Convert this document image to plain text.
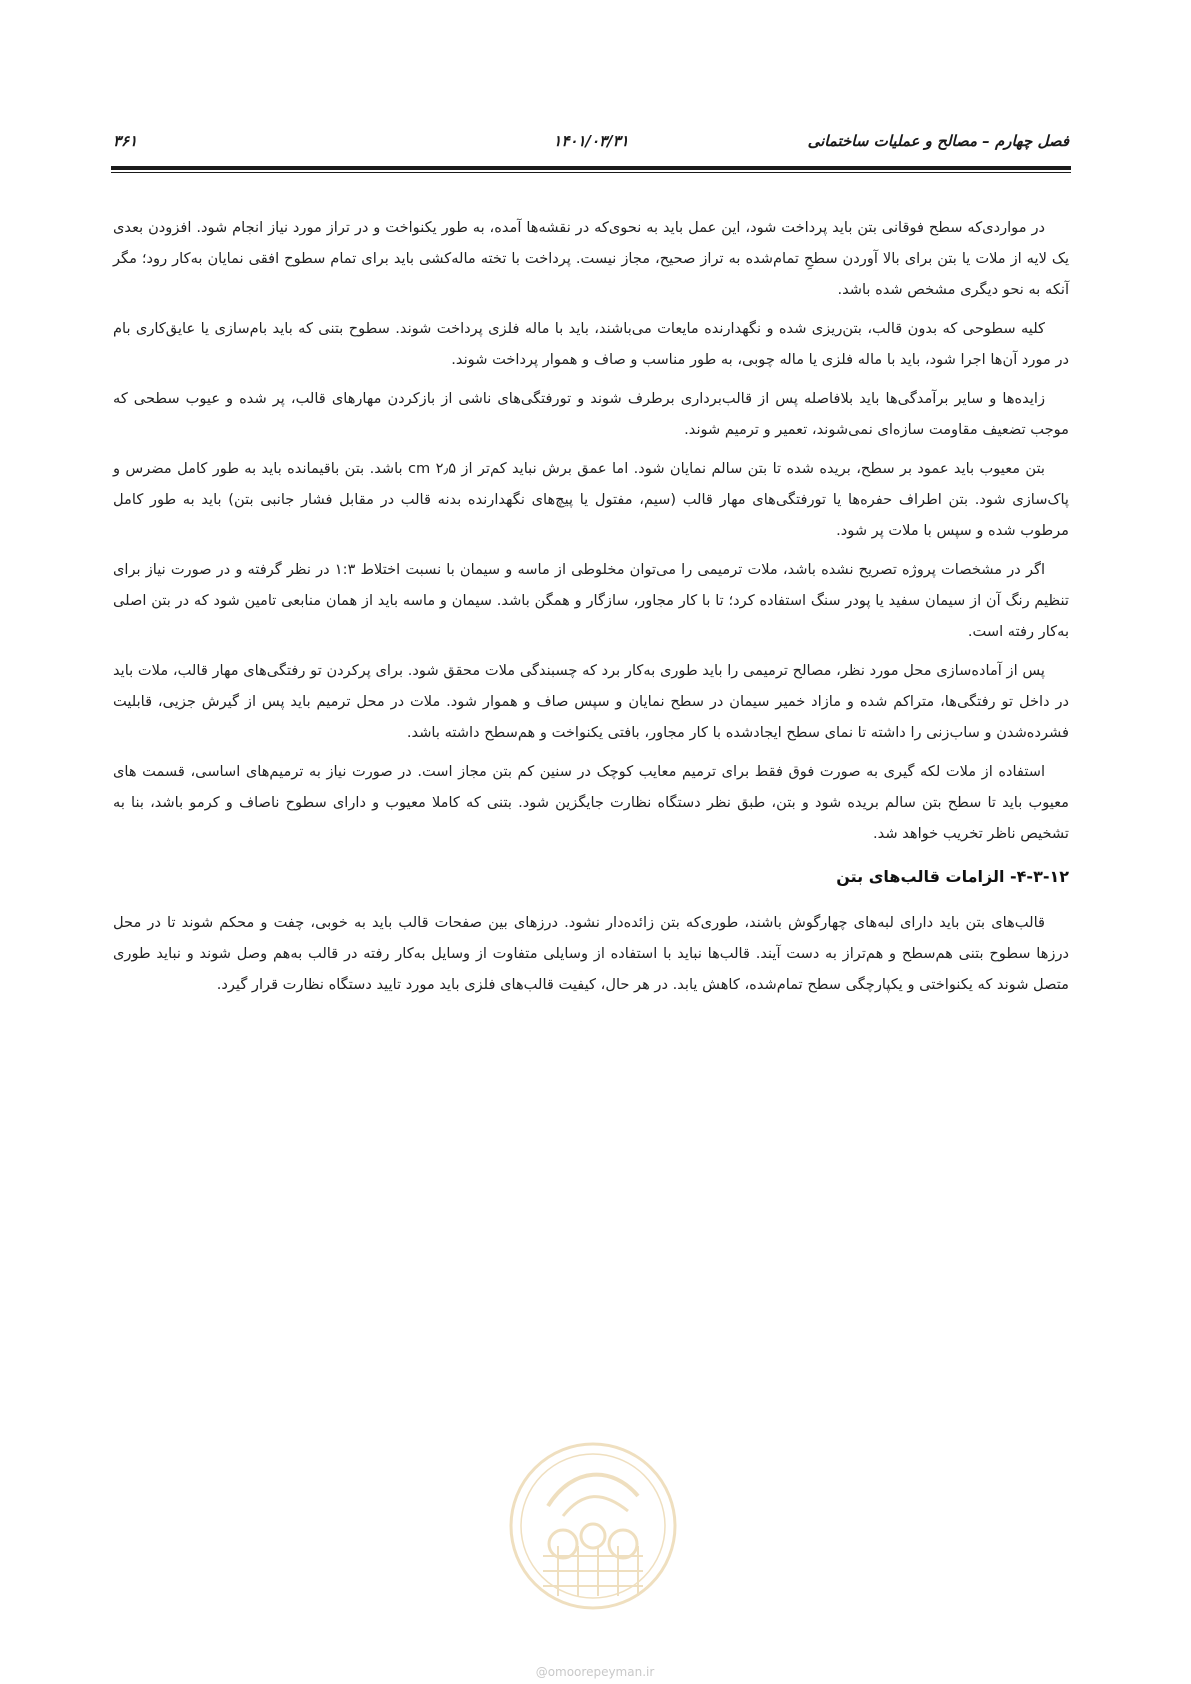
فصل چهارم – مصالح و عملیات ساختمانی
۱۴۰۱/۰۳/۳۱
۳۶۱

در مواردی‌که سطح فوقانی بتن باید پرداخت شود، این عمل باید به نحوی‌که در نقشه‌ها آمده، به طور یکنواخت و در تراز مورد نیاز انجام شود. افزودن بعدی یک لایه از ملات یا بتن برای بالا آوردن سطحِ تمام‌شده به تراز صحیح، مجاز نیست. پرداخت با تخته ماله‌کشی باید برای تمام سطوح افقی نمایان به‌کار رود؛ مگر آنکه به نحو دیگری مشخص شده باشد.

کلیه سطوحی که بدون قالب، بتن‌ریزی شده و نگهدارنده مایعات می‌باشند، باید با ماله فلزی پرداخت شوند. سطوح بتنی که باید بام‌سازی یا عایق‌کاری بام در مورد آن‌ها اجرا شود، باید با ماله فلزی یا ماله چوبی، به طور مناسب و صاف و هموار پرداخت شوند.

زایده‌ها و سایر برآمدگی‌ها باید بلافاصله پس از قالب‌برداری برطرف شوند و تورفتگی‌های ناشی از بازکردن مهارهای قالب، پر شده و عیوب سطحی که موجب تضعیف مقاومت سازه‌ای نمی‌شوند، تعمیر و ترمیم شوند.

بتن معیوب باید عمود بر سطح، بریده شده تا بتن سالم نمایان شود. اما عمق برش نباید کم‌تر از ۲٫۵ cm باشد. بتن باقیمانده باید به طور کامل مضرس و پاک‌سازی شود. بتن اطراف حفره‌ها یا تورفتگی‌های مهار قالب (سیم، مفتول یا پیچ‌های نگهدارنده بدنه قالب در مقابل فشار جانبی بتن) باید به طور کامل مرطوب شده و سپس با ملات پر شود.

اگر در مشخصات پروژه تصریح نشده باشد، ملات ترمیمی را می‌توان مخلوطی از ماسه و سیمان با نسبت اختلاط ۱:۳ در نظر گرفته و در صورت نیاز برای تنظیم رنگ آن از سیمان سفید یا پودر سنگ استفاده کرد؛ تا با کار مجاور، سازگار و همگن باشد. سیمان و ماسه باید از همان منابعی تامین شود که در بتن اصلی به‌کار رفته است.

پس از آماده‌سازی محل مورد نظر، مصالح ترمیمی را باید طوری به‌کار برد که چسبندگی ملات محقق شود. برای پرکردن تو رفتگی‌های مهار قالب، ملات باید در داخل تو رفتگی‌ها، متراکم شده و مازاد خمیر سیمان در سطح نمایان و سپس صاف و هموار شود. ملات در محل ترمیم باید پس از گیرش جزیی، قابلیت فشرده‌شدن و ساب‌زنی را داشته تا نمای سطح ایجادشده با کار مجاور، بافتی یکنواخت و هم‌سطح داشته باشد.

استفاده از ملات لکه گیری به صورت فوق فقط برای ترمیم معایب کوچک در سنین کم بتن مجاز است. در صورت نیاز به ترمیم‌های اساسی، قسمت های معیوب باید تا سطح بتن سالم بریده شود و بتن، طبق نظر دستگاه نظارت جایگزین شود. بتنی که کاملا معیوب و دارای سطوح ناصاف و کرمو باشد، بنا به تشخیص ناظر تخریب خواهد شد.

۴-۳-۱۲- الزامات قالب‌های بتن

قالب‌های بتن باید دارای لبه‌های چهارگوش باشند، طوری‌که بتن زائده‌دار نشود. درزهای بین صفحات قالب باید به خوبی، چفت و محکم شوند تا در محل درزها سطوح بتنی هم‌سطح و هم‌تراز به دست آیند. قالب‌ها نباید با استفاده از وسایلی متفاوت از وسایل به‌کار رفته در قالب به‌هم وصل شوند و نباید طوری متصل شوند که یکنواختی و یکپارچگی سطح تمام‌شده، کاهش یابد. در هر حال، کیفیت قالب‌های فلزی باید مورد تایید دستگاه نظارت قرار گیرد.

@omoorepeyman.ir
